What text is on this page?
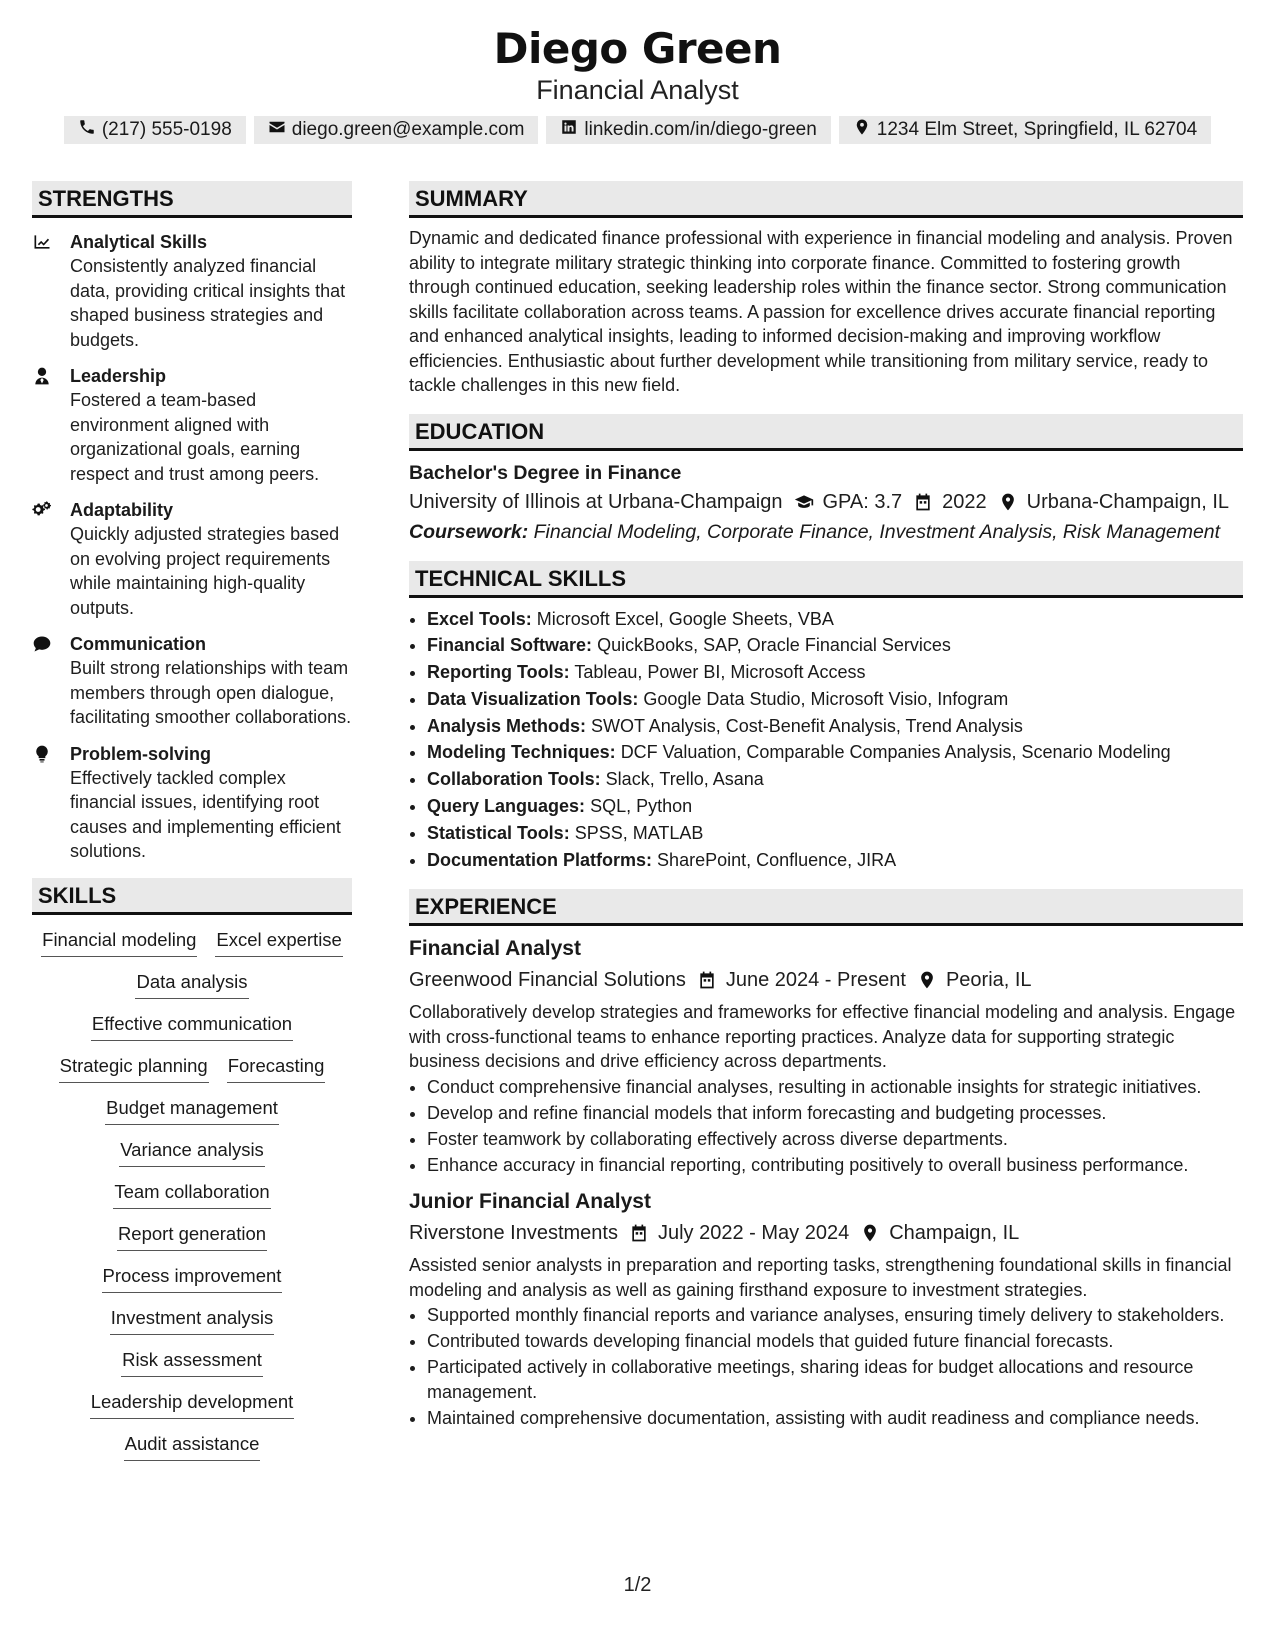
Diego Green
Financial Analyst
(217) 555-0198	diego.green@example.com	linkedin.com/in/diego-green	1234 Elm Street, Springfield, IL 62704
STRENGTHS
Analytical Skills
Consistently analyzed financial data, providing critical insights that shaped business strategies and budgets.
Leadership
Fostered a team-based environment aligned with organizational goals, earning respect and trust among peers.
Adaptability
Quickly adjusted strategies based on evolving project requirements while maintaining high-quality outputs.
Communication
Built strong relationships with team members through open dialogue, facilitating smoother collaborations.
Problem-solving
Effectively tackled complex financial issues, identifying root causes and implementing efficient solutions.
SKILLS
Financial modeling Excel expertise
Data analysis
Effective communication
Strategic planning Forecasting
Budget management
Variance analysis
Team collaboration
Report generation
Process improvement
Investment analysis
Risk assessment
Leadership development
Audit assistance
SUMMARY
Dynamic and dedicated finance professional with experience in financial modeling and analysis. Proven ability to integrate military strategic thinking into corporate finance. Committed to fostering growth through continued education, seeking leadership roles within the finance sector. Strong communication skills facilitate collaboration across teams. A passion for excellence drives accurate financial reporting and enhanced analytical insights, leading to informed decision-making and improving workflow efficiencies. Enthusiastic about further development while transitioning from military service, ready to tackle challenges in this new field.
EDUCATION
Bachelor's Degree in Finance
University of Illinois at Urbana-Champaign GPA: 3.7 2022 Urbana-Champaign, IL
Coursework: Financial Modeling, Corporate Finance, Investment Analysis, Risk Management
TECHNICAL SKILLS
• Excel Tools: Microsoft Excel, Google Sheets, VBA
• Financial Software: QuickBooks, SAP, Oracle Financial Services
• Reporting Tools: Tableau, Power BI, Microsoft Access
• Data Visualization Tools: Google Data Studio, Microsoft Visio, Infogram
• Analysis Methods: SWOT Analysis, Cost-Benefit Analysis, Trend Analysis
• Modeling Techniques: DCF Valuation, Comparable Companies Analysis, Scenario Modeling
• Collaboration Tools: Slack, Trello, Asana
• Query Languages: SQL, Python
• Statistical Tools: SPSS, MATLAB
• Documentation Platforms: SharePoint, Confluence, JIRA
EXPERIENCE
Financial Analyst
Greenwood Financial Solutions June 2024 - Present Peoria, IL
Collaboratively develop strategies and frameworks for effective financial modeling and analysis. Engage with cross-functional teams to enhance reporting practices. Analyze data for supporting strategic business decisions and drive efficiency across departments.
• Conduct comprehensive financial analyses, resulting in actionable insights for strategic initiatives.
• Develop and refine financial models that inform forecasting and budgeting processes.
• Foster teamwork by collaborating effectively across diverse departments.
• Enhance accuracy in financial reporting, contributing positively to overall business performance.
Junior Financial Analyst
Riverstone Investments July 2022 - May 2024 Champaign, IL
Assisted senior analysts in preparation and reporting tasks, strengthening foundational skills in financial modeling and analysis as well as gaining firsthand exposure to investment strategies.
• Supported monthly financial reports and variance analyses, ensuring timely delivery to stakeholders.
• Contributed towards developing financial models that guided future financial forecasts.
• Participated actively in collaborative meetings, sharing ideas for budget allocations and resource management.
• Maintained comprehensive documentation, assisting with audit readiness and compliance needs.
1/2
